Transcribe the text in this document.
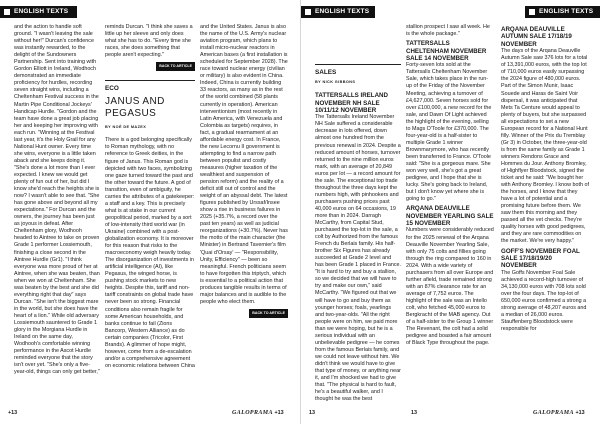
ENGLISH TEXTS

and the action to handle soft ground. "I wasn't leaving the sale without her!" Durcan's confidence was instantly rewarded, to the delight of the Sundowners Partnership. Sent into training with Gordon Elliott in Ireland, Wodhoch demonstrated an immediate proficiency for hurdles, recording seven straight wins, including a Cheltenham Festival success in the Martin Pipe Conditional Jockeys' Handicap Hurdle. "Gordon and the team have done a great job placing her and keeping her improving with each run. "Winning at the Festival last year, it's the Holy Grail for any National Hunt owner. Every time she wins, everyone is a little taken aback and she keeps doing it. "She's done a lot more than I ever expected. I knew we would get plenty of fun out of her, but did I know she'd reach the heights she is now? I wasn't able to see that. "She has gone above and beyond all my expectations." For Durcan and the owners, the journey has been just as joyous in defeat. After Cheltenham glory, Wodhooh headed to Aintree to take on proven Grade 1 performer Lossiemouth, finishing a close second in the Aintree Hurdle (Gr1). "I think everyone was more proud of her at Aintree, when she was beaten, than when we won at Cheltenham. She was beaten by the best and she did everything right that day" says Durcan. "She isn't the biggest mare in the world, but she does have the heart of a lion." While old adversary Lossiemouth sauntered to Grade 1 glory in the Morgiana Hurdle in Ireland on the same day, Wodhooh's comfortable winning performance in the Ascot Hurdle reminded everyone that the story isn't over yet. "She's only a five-year-old, things can only get better,"

reminds Durcan. "I think she saves a little up her sleeve and only does what she has to do. "Every time she races, she does something that people aren't expecting."

BACK TO ARTICLE
ECO
JANUS AND PEGASUS
BY NOÉ DE MAZEX

There is a god belonging specifically to Roman mythology, with no reference to Greek deities, in the figure of Janus. This Roman god is depicted with two faces, symbolizing one gaze turned toward the past and the other toward the future. A god of transition, even of ambiguity, he carries the attributes of a gatekeeper: a staff and a key. This is precisely what is at stake in our current geopolitical period, marked by a sort of low-intensity third world war (in Ukraine) combined with a post-globalization economy. It is moreover for this reason that risks to the macroeconomy weigh heavily today. The disorganization of investments in artificial intelligence (AI), like Pegasus, the winged horse, is pushing stock markets to new heights. Despite this, tariff and non-tariff constraints on global trade have never been so strong. Financial conditions also remain fragile for some American households, and banks continue to fail (Zions Bancorp, Western Alliance) as do certain companies (Tricolor, First Brands). A glimmer of hope might, however, come from a de-escalation and/or a comprehensive agreement on economic relations between China

and the United States. Janus is also the name of the U.S. Army's nuclear aviation program, which plans to install micro-nuclear reactors in American bases (a first installation is scheduled for September 2028). The race toward nuclear energy (civilian or military) is also evident in China. Indeed, China is currently building 33 reactors, as many as in the rest of the world combined (58 plants currently in operation). American interventionism (most recently in Latin America, with Venezuela and Colombia as targets) requires, in fact, a gradual rearmament at an affordable energy cost. In France, the new Lecornu II government is attempting to find a narrow path between populist and costly measures (higher taxation of the wealthiest and suspension of pension reform) and the reality of a deficit still out of control and the weight of an abyssal debt. The latest figures published by Urssaf/Insee show a rise in business failures in 2025 (+35.7%, a record over the past ten years) as well as judicial reorganizations (+30.7%). Never has the motto of the main character (the Minister) in Bertrand Tavernier's film 'Quai d'Orsay' — "Responsibility, Unity, Efficiency" — been so meaningful. French politicians seem to have forgotten this triptych, which is essential to a political action that produces tangible results in terms of major balances and is audible to the people who elect them.

BACK TO ARTICLE
+13	GALOPRAMA +13
ENGLISH TEXTS
SALES
BY NICK GIBBONS
TATTERSALLS IRELAND NOVEMBER NH SALE 10/11/12 NOVEMBER

The Tattersalls Ireland November NH Sale suffered a considerable decrease in lots offered, down almost one hundred from the previous renewal in 2024. Despite a reduced amount of horses, turnover returned to the nine million euros mark, with an average of 20,849 euros per lot — a record amount for the sale. The exceptional top trade throughout the three days kept the numbers high, with pinhookers and purchasers pushing prices past 40,000 euros on 64 occasions, 19 more than in 2024. Darragh McCarthy, from Capital Stud, purchased the top-lot in the sale, a colt by Authorized from the famous French du Berlais family. His half-brother Six Figures has already succeeded at Grade 2 level and has been Grade 1 placed in France. "It is hard to try and buy a stallion, so we decided that we will have to try and make our own," said McCarthy. "We figured out that we will have to go and buy them as younger horses; foals, yearlings and two-year-olds. "All the right people were on him, we paid more than we were hoping, but he is a serious individual with an unbelievable pedigree — he comes from the famous Berlais family, and we could not leave without him. We didn't think we would have to give that type of money, or anything near it, and I'm shocked we had to give that. "The physical is hard to fault, he's a beautiful walker, and I thought he was the best

stallion prospect I saw all week. He is the whole package."

TATTERSALLS CHELTENHAM NOVEMBER SALE 14 NOVEMBER

Forty-seven lots sold at the Tattersalls Cheltenham November Sale, which takes place in the run-up of the Friday of the November Meeting, achieving a turnover of £4,627,000. Seven horses sold for over £100,000, a new record for the sale, and Dawn Of Light achieved the highlight of the evening, selling to Mags O'Toole for £370,000. The four-year-old is a half-sister to multiple Grade 1 winner Brownmarymore, who has recently been transferred to France. O'Toole said: "She is a gorgeous mare. She won very well, she's got a great pedigree, and I hope that she is lucky. She's going back to Ireland, but I don't know yet where she is going to go."

ARQANA DEAUVILLE NOVEMBER YEARLING SALE 15 NOVEMBER

Numbers were considerably reduced for the 2025 renewal of the Arqana Deauville November Yearling Sale, with only 75 colts and fillies going through the ring compared to 160 in 2024. With a wide variety of purchasers from all over Europe and further afield, trade remained strong with an 87% clearance rate for an average of 7,752 euros. The highlight of the sale was an Intello colt, who fetched 45,000 euros to Bergkracht of the MAB agency. Out of a half-sister to the Group 1 winner The Revenant, the colt had a solid pedigree and boasted a fair amount of Black Type throughout the page.

ARQANA DEAUVILLE AUTUMN SALE 17/18/19 NOVEMBER

The days of the Arqana Deauville Autumn Sale saw 376 lots for a total of 13,391,000 euros, with the top lot of 710,000 euros easily surpassing the 2024 figure of 480,000 euros. Part of the Simon Munir, Isaac Souede and Haras de Saint Voir dispersal, it was anticipated that Mets Ta Centure would appeal to plenty of buyers, but she surpassed all expectations to set a new European record for a National Hunt filly. Winner of the Prix du Tremblay (Gr 3) in October, the three-year-old is from the same family as Grade 1 winners Rendons Grace and Hommes du Jour. Anthony Bromley, of Highflyer Bloodstock, signed the ticket and he said: "We bought her with Anthony Bromley. I know both of the horses, and I know that they have a lot of potential and a promising future before them. We saw them this morning and they passed all the vet checks. They're quality horses with good pedigrees, and they are rare commodities on the market. We're very happy."

GOFF'S NOVEMBER FOAL SALE 17/18/19/20 NOVEMBER

The Goffs November Foal Sale achieved a record-high turnover of 34,130,000 euros with 708 lots sold over the four days. The top-lot of 650,000 euros confirmed a strong a strong average of 48,207 euros and a median of 26,000 euros. Stauffenberg Bloodstock were responsible for

13	13	GALOPRAMA +13
ENGLISH TEXTS
